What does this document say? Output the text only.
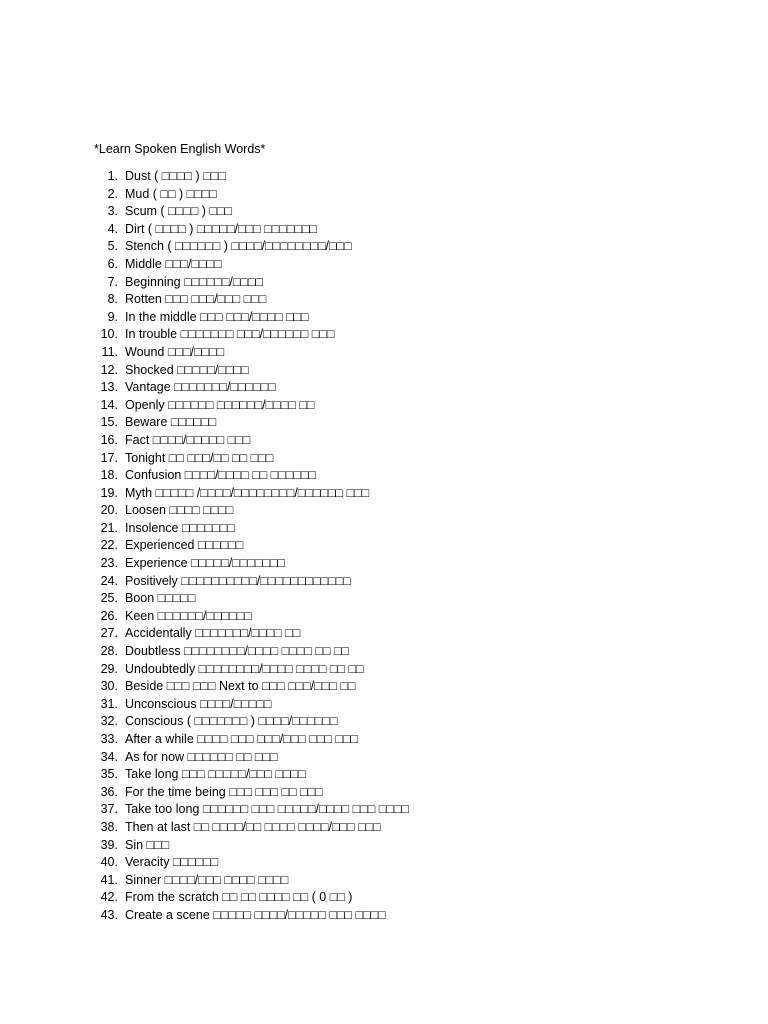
*Learn Spoken English Words*
1. Dust ( □□□□ ) □□□
2. Mud ( □□ ) □□□□
3. Scum ( □□□□ ) □□□
4. Dirt ( □□□□ ) □□□□□/□□□ □□□□□□□
5. Stench ( □□□□□□ ) □□□□/□□□□□□□□/□□□
6. Middle □□□/□□□□
7. Beginning □□□□□□/□□□□
8. Rotten □□□ □□□/□□□ □□□
9. In the middle □□□ □□□/□□□□ □□□
10. In trouble □□□□□□□ □□□/□□□□□□ □□□
11. Wound □□□/□□□□
12. Shocked □□□□□/□□□□
13. Vantage □□□□□□□/□□□□□□
14. Openly □□□□□□ □□□□□□/□□□□ □□
15. Beware □□□□□□
16. Fact □□□□/□□□□□ □□□
17. Tonight □□ □□□/□□ □□ □□□
18. Confusion □□□□/□□□□ □□ □□□□□□
19. Myth □□□□□ /□□□□/□□□□□□□□/□□□□□□ □□□
20. Loosen □□□□ □□□□
21. Insolence □□□□□□□
22. Experienced □□□□□□
23. Experience □□□□□/□□□□□□□
24. Positively □□□□□□□□□□/□□□□□□□□□□□□
25. Boon □□□□□
26. Keen □□□□□□/□□□□□□
27. Accidentally □□□□□□□/□□□□ □□
28. Doubtless □□□□□□□□/□□□□ □□□□ □□ □□
29. Undoubtedly □□□□□□□□/□□□□ □□□□ □□ □□
30. Beside □□□ □□□ Next to □□□ □□□/□□□ □□
31. Unconscious □□□□/□□□□□
32. Conscious ( □□□□□□□ ) □□□□/□□□□□□
33. After a while □□□□ □□□ □□□/□□□ □□□ □□□
34. As for now □□□□□□ □□ □□□
35. Take long □□□ □□□□□/□□□ □□□□
36. For the time being □□□ □□□ □□ □□□
37. Take too long □□□□□□ □□□ □□□□□/□□□□ □□□ □□□□
38. Then at last □□ □□□□/□□ □□□□ □□□□/□□□ □□□
39. Sin □□□
40. Veracity □□□□□□
41. Sinner □□□□/□□□ □□□□ □□□□
42. From the scratch □□ □□ □□□□ □□ ( 0 □□ )
43. Create a scene □□□□□ □□□□/□□□□□ □□□ □□□□
